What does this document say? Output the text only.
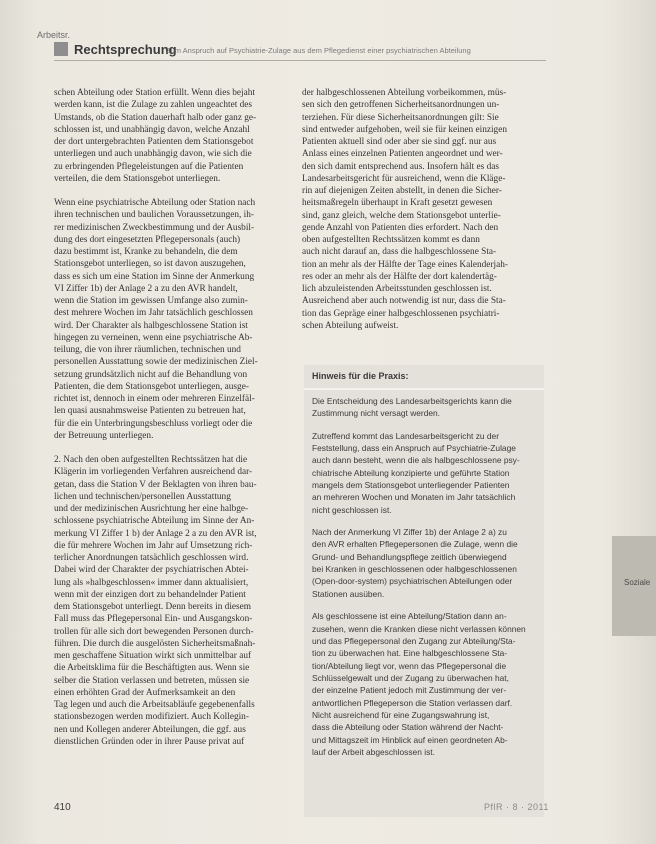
Arbeitsr.
Rechtsprechung
Zum Anspruch auf Psychiatrie-Zulage aus dem Pflegedienst einer psychiatrischen Abteilung

schen Abteilung oder Station erfüllt. Wenn dies bejaht
werden kann, ist die Zulage zu zahlen ungeachtet des
Umstands, ob die Station dauerhaft halb oder ganz ge-
schlossen ist, und unabhängig davon, welche Anzahl
der dort untergebrachten Patienten dem Stationsgebot
unterliegen und auch unabhängig davon, wie sich die
zu erbringenden Pflegeleistungen auf die Patienten
verteilen, die dem Stationsgebot unterliegen.

Wenn eine psychiatrische Abteilung oder Station nach
ihren technischen und baulichen Voraussetzungen, ih-
rer medizinischen Zweckbestimmung und der Ausbil-
dung des dort eingesetzten Pflegepersonals (auch)
dazu bestimmt ist, Kranke zu behandeln, die dem
Stationsgebot unterliegen, so ist davon auszugehen,
dass es sich um eine Station im Sinne der Anmerkung
VI Ziffer 1b) der Anlage 2 a zu den AVR handelt,
wenn die Station im gewissen Umfange also zumin-
dest mehrere Wochen im Jahr tatsächlich geschlossen
wird. Der Charakter als halbgeschlossene Station ist
hingegen zu verneinen, wenn eine psychiatrische Ab-
teilung, die von ihrer räumlichen, technischen und
personellen Ausstattung sowie der medizinischen Ziel-
setzung grundsätzlich nicht auf die Behandlung von
Patienten, die dem Stationsgebot unterliegen, ausge-
richtet ist, dennoch in einem oder mehreren Einzelfäl-
len quasi ausnahmsweise Patienten zu betreuen hat,
für die ein Unterbringungsbeschluss vorliegt oder die
der Betreuung unterliegen.

2. Nach den oben aufgestellten Rechtssätzen hat die
Klägerin im vorliegenden Verfahren ausreichend dar-
getan, dass die Station V der Beklagten von ihren bau-
lichen und technischen/personellen Ausstattung
und der medizinischen Ausrichtung her eine halbge-
schlossene psychiatrische Abteilung im Sinne der An-
merkung VI Ziffer 1 b) der Anlage 2 a zu den AVR ist,
die für mehrere Wochen im Jahr auf Umsetzung rich-
terlicher Anordnungen tatsächlich geschlossen wird.
Dabei wird der Charakter der psychiatrischen Abtei-
lung als »halbgeschlossen« immer dann aktualisiert,
wenn mit der einzigen dort zu behandelnder Patient
dem Stationsgebot unterliegt. Denn bereits in diesem
Fall muss das Pflegepersonal Ein- und Ausgangskon-
trollen für alle sich dort bewegenden Personen durch-
führen. Die durch die ausgelösten Sicherheitsmaßnah-
men geschaffene Situation wirkt sich unmittelbar auf
die Arbeitsklima für die Beschäftigten aus. Wenn sie
selber die Station verlassen und betreten, müssen sie
einen erhöhten Grad der Aufmerksamkeit an den
Tag legen und auch die Arbeitsabläufe gegebenenfalls
stationsbezogen werden modifiziert. Auch Kollegin-
nen und Kollegen anderer Abteilungen, die ggf. aus
dienstlichen Gründen oder in ihrer Pause privat auf

der halbgeschlossenen Abteilung vorbeikommen, müs-
sen sich den getroffenen Sicherheitsanordnungen un-
terziehen. Für diese Sicherheitsanordnungen gilt: Sie
sind entweder aufgehoben, weil sie für keinen einzigen
Patienten aktuell sind oder aber sie sind ggf. nur aus
Anlass eines einzelnen Patienten angeordnet und wer-
den sich damit entsprechend aus. Insofern hält es das
Landesarbeitsgericht für ausreichend, wenn die Kläge-
rin auf diejenigen Zeiten abstellt, in denen die Sicher-
heitsmaßregeln überhaupt in Kraft gesetzt gewesen
sind, ganz gleich, welche dem Stationsgebot unterlie-
gende Anzahl von Patienten dies erfordert. Nach den
oben aufgestellten Rechtssätzen kommt es dann
auch nicht darauf an, dass die halbgeschlossene Sta-
tion an mehr als der Hälfte der Tage eines Kalenderjah-
res oder an mehr als der Hälfte der dort kalendertäg-
lich abzuleistenden Arbeitsstunden geschlossen ist.
Ausreichend aber auch notwendig ist nur, dass die Sta-
tion das Gepräge einer halbgeschlossenen psychiatri-
schen Abteilung aufweist.

Hinweis für die Praxis:

Die Entscheidung des Landesarbeitsgerichts kann die
Zustimmung nicht versagt werden.

Zutreffend kommt das Landesarbeitsgericht zu der
Feststellung, dass ein Anspruch auf Psychiatrie-Zulage
auch dann besteht, wenn die als halbgeschlossene psy-
chiatrische Abteilung konzipierte und geführte Station
mangels dem Stationsgebot unterliegender Patienten
an mehreren Wochen und Monaten im Jahr tatsächlich
nicht geschlossen ist.

Nach der Anmerkung VI Ziffer 1b) der Anlage 2 a) zu
den AVR erhalten Pflegepersonen die Zulage, wenn die
Grund- und Behandlungspflege zeitlich überwiegend
bei Kranken in geschlossenen oder halbgeschlossenen
(Open-door-system) psychiatrischen Abteilungen oder
Stationen ausüben.

Als geschlossene ist eine Abteilung/Station dann an-
zusehen, wenn die Kranken diese nicht verlassen können
und das Pflegepersonal den Zugang zur Abteilung/Sta-
tion zu überwachen hat. Eine halbgeschlossene Sta-
tion/Abteilung liegt vor, wenn das Pflegepersonal die
Schlüsselgewalt und der Zugang zu überwachen hat,
der einzelne Patient jedoch mit Zustimmung der ver-
antwortlichen Pflegeperson die Station verlassen darf.
Nicht ausreichend für eine Zugangswahrung ist,
dass die Abteilung oder Station während der Nacht-
und Mittagszeit im Hinblick auf einen geordneten Ab-
lauf der Arbeit abgeschlossen ist.

Soziale
410	PflR · 8 · 2011
